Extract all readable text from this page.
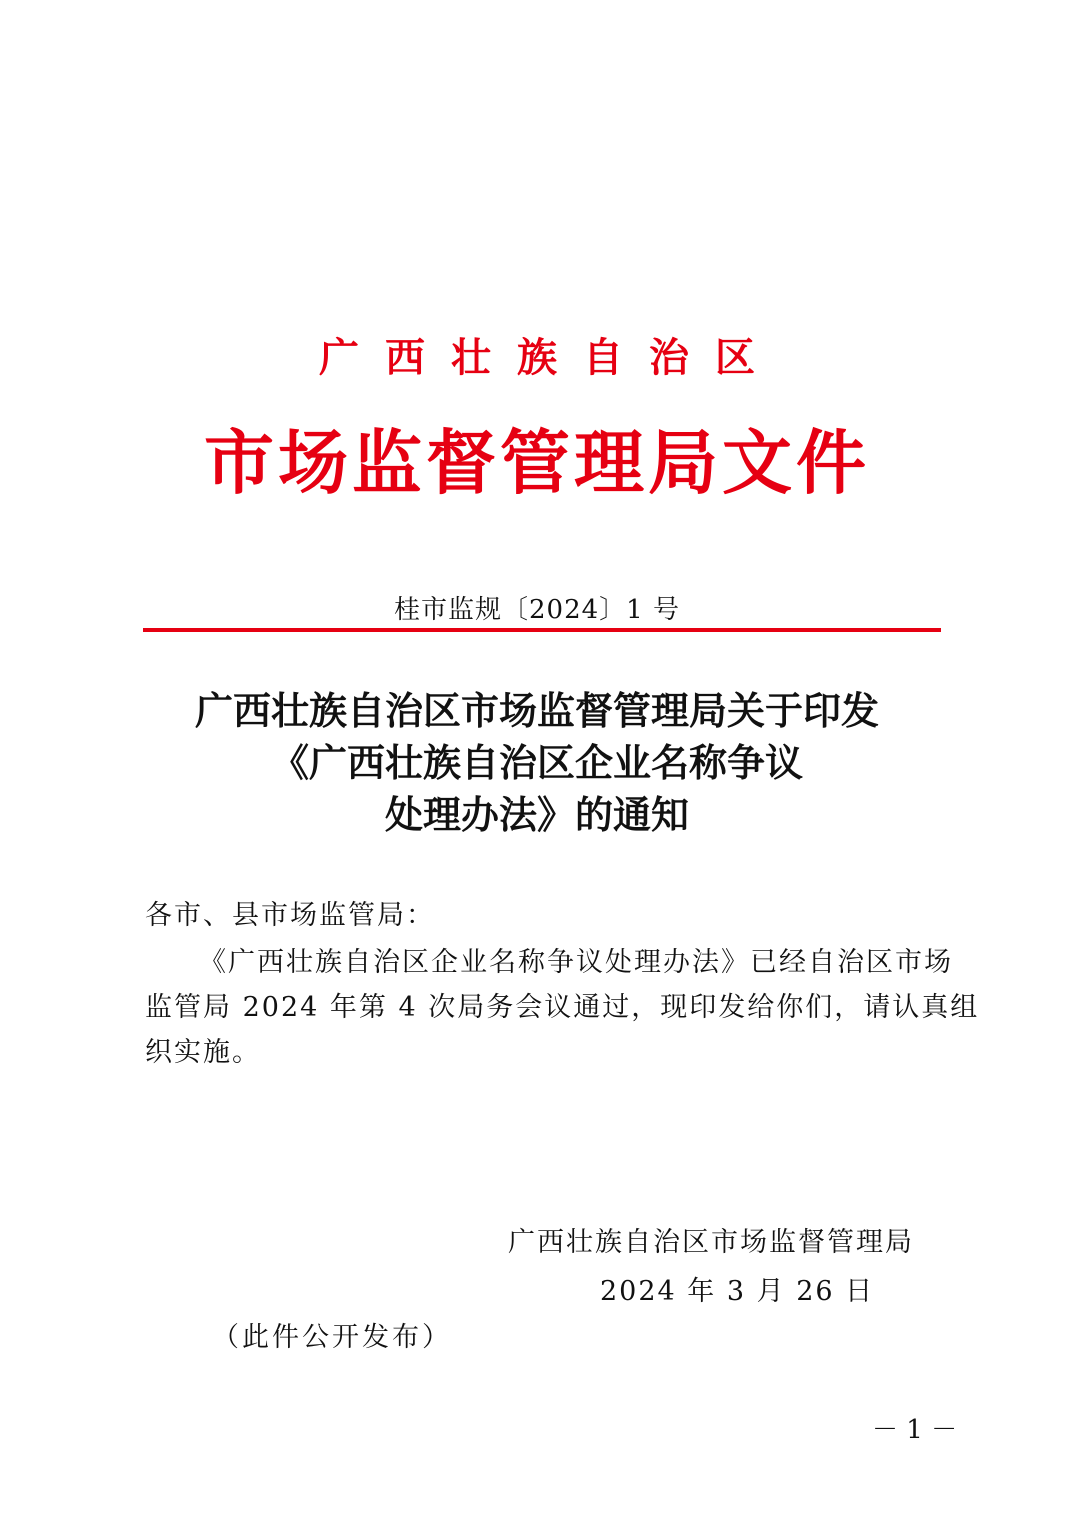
广西壮族自治区
市场监督管理局文件
桂市监规〔2024〕1 号
广西壮族自治区市场监督管理局关于印发
《广西壮族自治区企业名称争议
处理办法》的通知
各市、县市场监管局：
《广西壮族自治区企业名称争议处理办法》已经自治区市场
监管局 2024 年第 4 次局务会议通过，现印发给你们，请认真组
织实施。
广西壮族自治区市场监督管理局
2024 年 3 月 26 日
（此件公开发布）
－ 1 －
